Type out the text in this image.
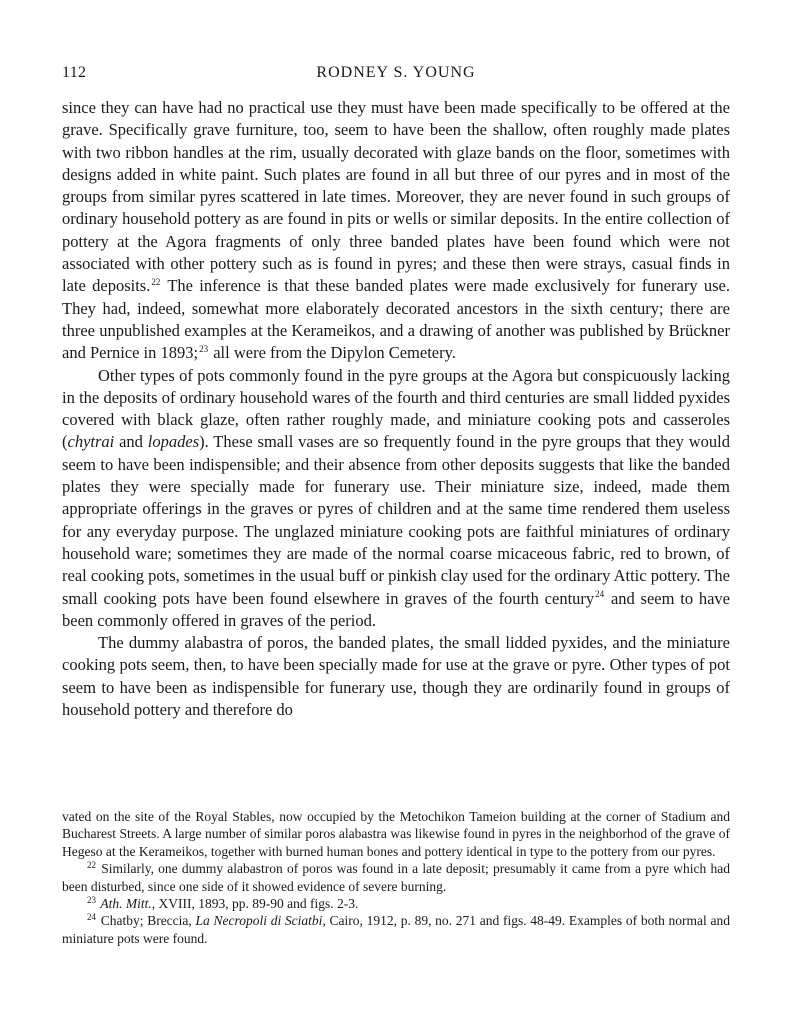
112	RODNEY S. YOUNG

since they can have had no practical use they must have been made specifically to be offered at the grave. Specifically grave furniture, too, seem to have been the shallow, often roughly made plates with two ribbon handles at the rim, usually decorated with glaze bands on the floor, sometimes with designs added in white paint. Such plates are found in all but three of our pyres and in most of the groups from similar pyres scattered in late times. Moreover, they are never found in such groups of ordinary household pottery as are found in pits or wells or similar deposits. In the entire collection of pottery at the Agora fragments of only three banded plates have been found which were not associated with other pottery such as is found in pyres; and these then were strays, casual finds in late deposits.$^{22}$ The inference is that these banded plates were made exclusively for funerary use. They had, indeed, somewhat more elaborately decorated ancestors in the sixth century; there are three unpublished examples at the Kerameikos, and a drawing of another was published by Brückner and Pernice in 1893;$^{23}$ all were from the Dipylon Cemetery.

Other types of pots commonly found in the pyre groups at the Agora but conspicuously lacking in the deposits of ordinary household wares of the fourth and third centuries are small lidded pyxides covered with black glaze, often rather roughly made, and miniature cooking pots and casseroles (chytrai and lopades). These small vases are so frequently found in the pyre groups that they would seem to have been indispensible; and their absence from other deposits suggests that like the banded plates they were specially made for funerary use. Their miniature size, indeed, made them appropriate offerings in the graves or pyres of children and at the same time rendered them useless for any everyday purpose. The unglazed miniature cooking pots are faithful miniatures of ordinary household ware; sometimes they are made of the normal coarse micaceous fabric, red to brown, of real cooking pots, sometimes in the usual buff or pinkish clay used for the ordinary Attic pottery. The small cooking pots have been found elsewhere in graves of the fourth century$^{24}$ and seem to have been commonly offered in graves of the period.

The dummy alabastra of poros, the banded plates, the small lidded pyxides, and the miniature cooking pots seem, then, to have been specially made for use at the grave or pyre. Other types of pot seem to have been as indispensible for funerary use, though they are ordinarily found in groups of household pottery and therefore do

vated on the site of the Royal Stables, now occupied by the Metochikon Tameion building at the corner of Stadium and Bucharest Streets. A large number of similar poros alabastra was likewise found in pyres in the neighborhod of the grave of Hegeso at the Kerameikos, together with burned human bones and pottery identical in type to the pottery from our pyres.

$^{22}$ Similarly, one dummy alabastron of poros was found in a late deposit; presumably it came from a pyre which had been disturbed, since one side of it showed evidence of severe burning.

$^{23}$ Ath. Mitt., XVIII, 1893, pp. 89-90 and figs. 2-3.

$^{24}$ Chatby; Breccia, La Necropoli di Sciatbi, Cairo, 1912, p. 89, no. 271 and figs. 48-49. Examples of both normal and miniature pots were found.
